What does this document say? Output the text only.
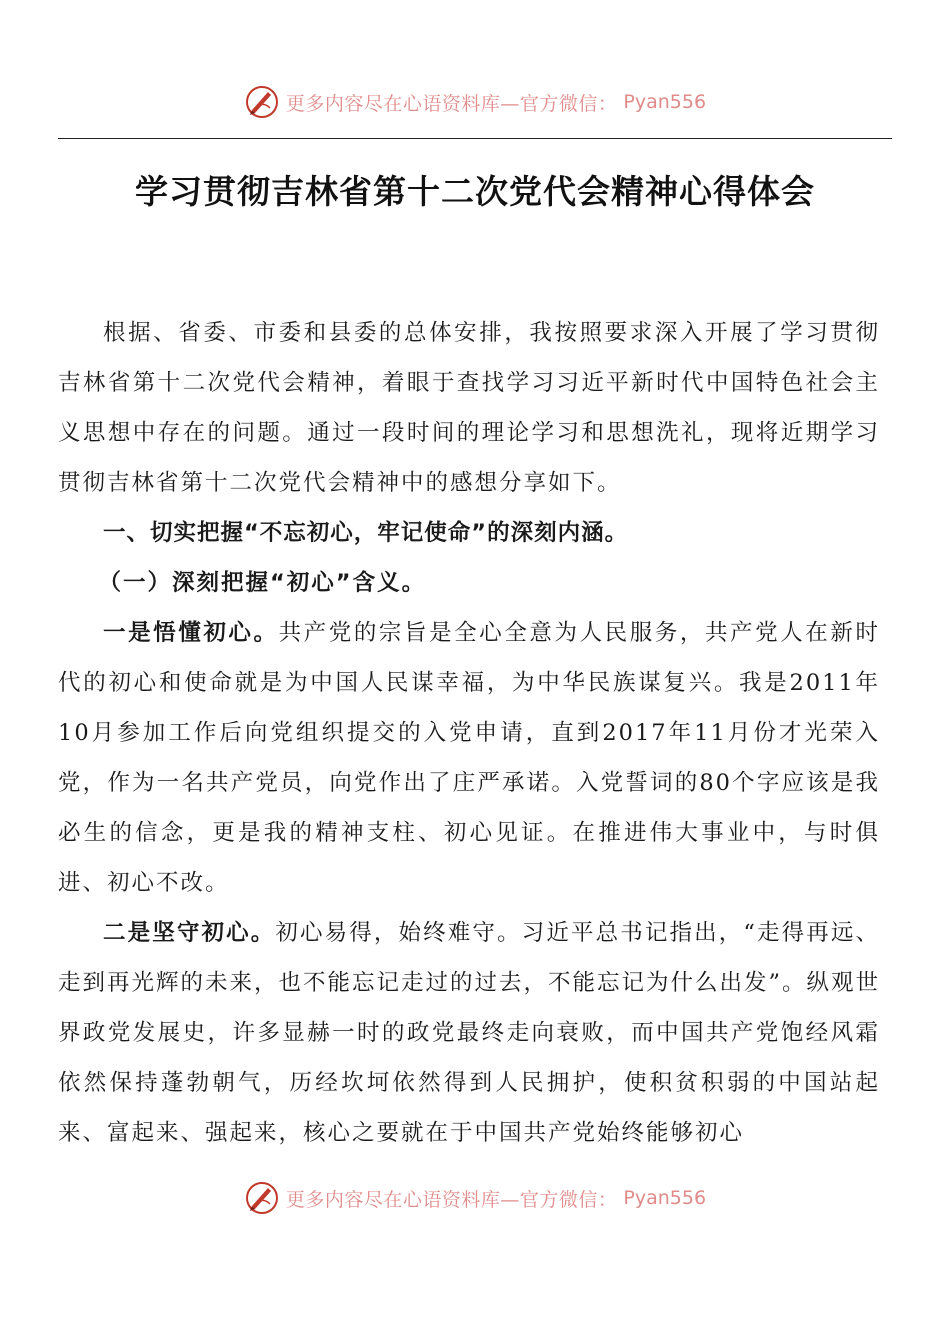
更多内容尽在心语资料库—官方微信： Pyan556
学习贯彻吉林省第十二次党代会精神心得体会

根据、省委、市委和县委的总体安排，我按照要求深入开展了学习贯彻吉林省第十二次党代会精神，着眼于查找学习习近平新时代中国特色社会主义思想中存在的问题。通过一段时间的理论学习和思想洗礼，现将近期学习贯彻吉林省第十二次党代会精神中的感想分享如下。

一、切实把握“不忘初心，牢记使命”的深刻内涵。

（一）深刻把握“初心”含义。

一是悟懂初心。共产党的宗旨是全心全意为人民服务，共产党人在新时代的初心和使命就是为中国人民谋幸福，为中华民族谋复兴。我是2011年10月参加工作后向党组织提交的入党申请，直到2017年11月份才光荣入党，作为一名共产党员，向党作出了庄严承诺。入党誓词的80个字应该是我必生的信念，更是我的精神支柱、初心见证。在推进伟大事业中，与时俱进、初心不改。

二是坚守初心。初心易得，始终难守。习近平总书记指出，“走得再远、走到再光辉的未来，也不能忘记走过的过去，不能忘记为什么出发”。纵观世界政党发展史，许多显赫一时的政党最终走向衰败，而中国共产党饱经风霜依然保持蓬勃朝气，历经坎坷依然得到人民拥护，使积贫积弱的中国站起来、富起来、强起来，核心之要就在于中国共产党始终能够初心

更多内容尽在心语资料库—官方微信： Pyan556
